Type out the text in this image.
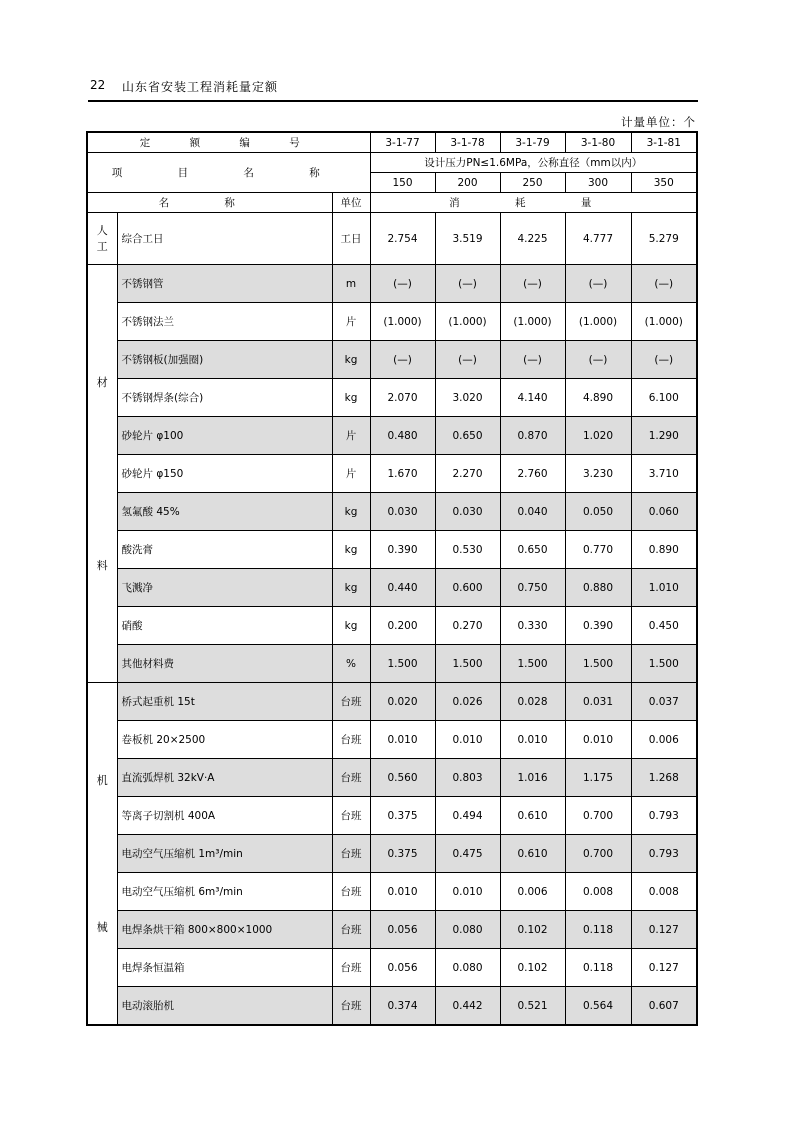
22 山东省安装工程消耗量定额
计量单位：个
定 额 编 号			3-1-77	3-1-78	3-1-79	3-1-80	3-1-81
项 目 名 称			设计压力PN≤1.6MPa，公称直径（mm以内）				
			150	200	250	300	350
名 称		单位	消 耗 量				
人工	综合工日	工日	2.754	3.519	4.225	4.777	5.279

材
料	不锈钢管	m	(—)	(—)	(—)	(—)	(—)
	不锈钢法兰	片	(1.000)	(1.000)	(1.000)	(1.000)	(1.000)
	不锈钢板(加强圈)	kg	(—)	(—)	(—)	(—)	(—)
	不锈钢焊条(综合)	kg	2.070	3.020	4.140	4.890	6.100
	砂轮片 φ100	片	0.480	0.650	0.870	1.020	1.290
	砂轮片 φ150	片	1.670	2.270	2.760	3.230	3.710
	氢氟酸 45%	kg	0.030	0.030	0.040	0.050	0.060
	酸洗膏	kg	0.390	0.530	0.650	0.770	0.890
	飞溅净	kg	0.440	0.600	0.750	0.880	1.010
	硝酸	kg	0.200	0.270	0.330	0.390	0.450
	其他材料费	%	1.500	1.500	1.500	1.500	1.500

机
械	桥式起重机 15t	台班	0.020	0.026	0.028	0.031	0.037
	卷板机 20×2500	台班	0.010	0.010	0.010	0.010	0.006
	直流弧焊机 32kV·A	台班	0.560	0.803	1.016	1.175	1.268
	等离子切割机 400A	台班	0.375	0.494	0.610	0.700	0.793
	电动空气压缩机 1m³/min	台班	0.375	0.475	0.610	0.700	0.793
	电动空气压缩机 6m³/min	台班	0.010	0.010	0.006	0.008	0.008
	电焊条烘干箱 800×800×1000	台班	0.056	0.080	0.102	0.118	0.127
	电焊条恒温箱	台班	0.056	0.080	0.102	0.118	0.127
	电动滚胎机	台班	0.374	0.442	0.521	0.564	0.607
